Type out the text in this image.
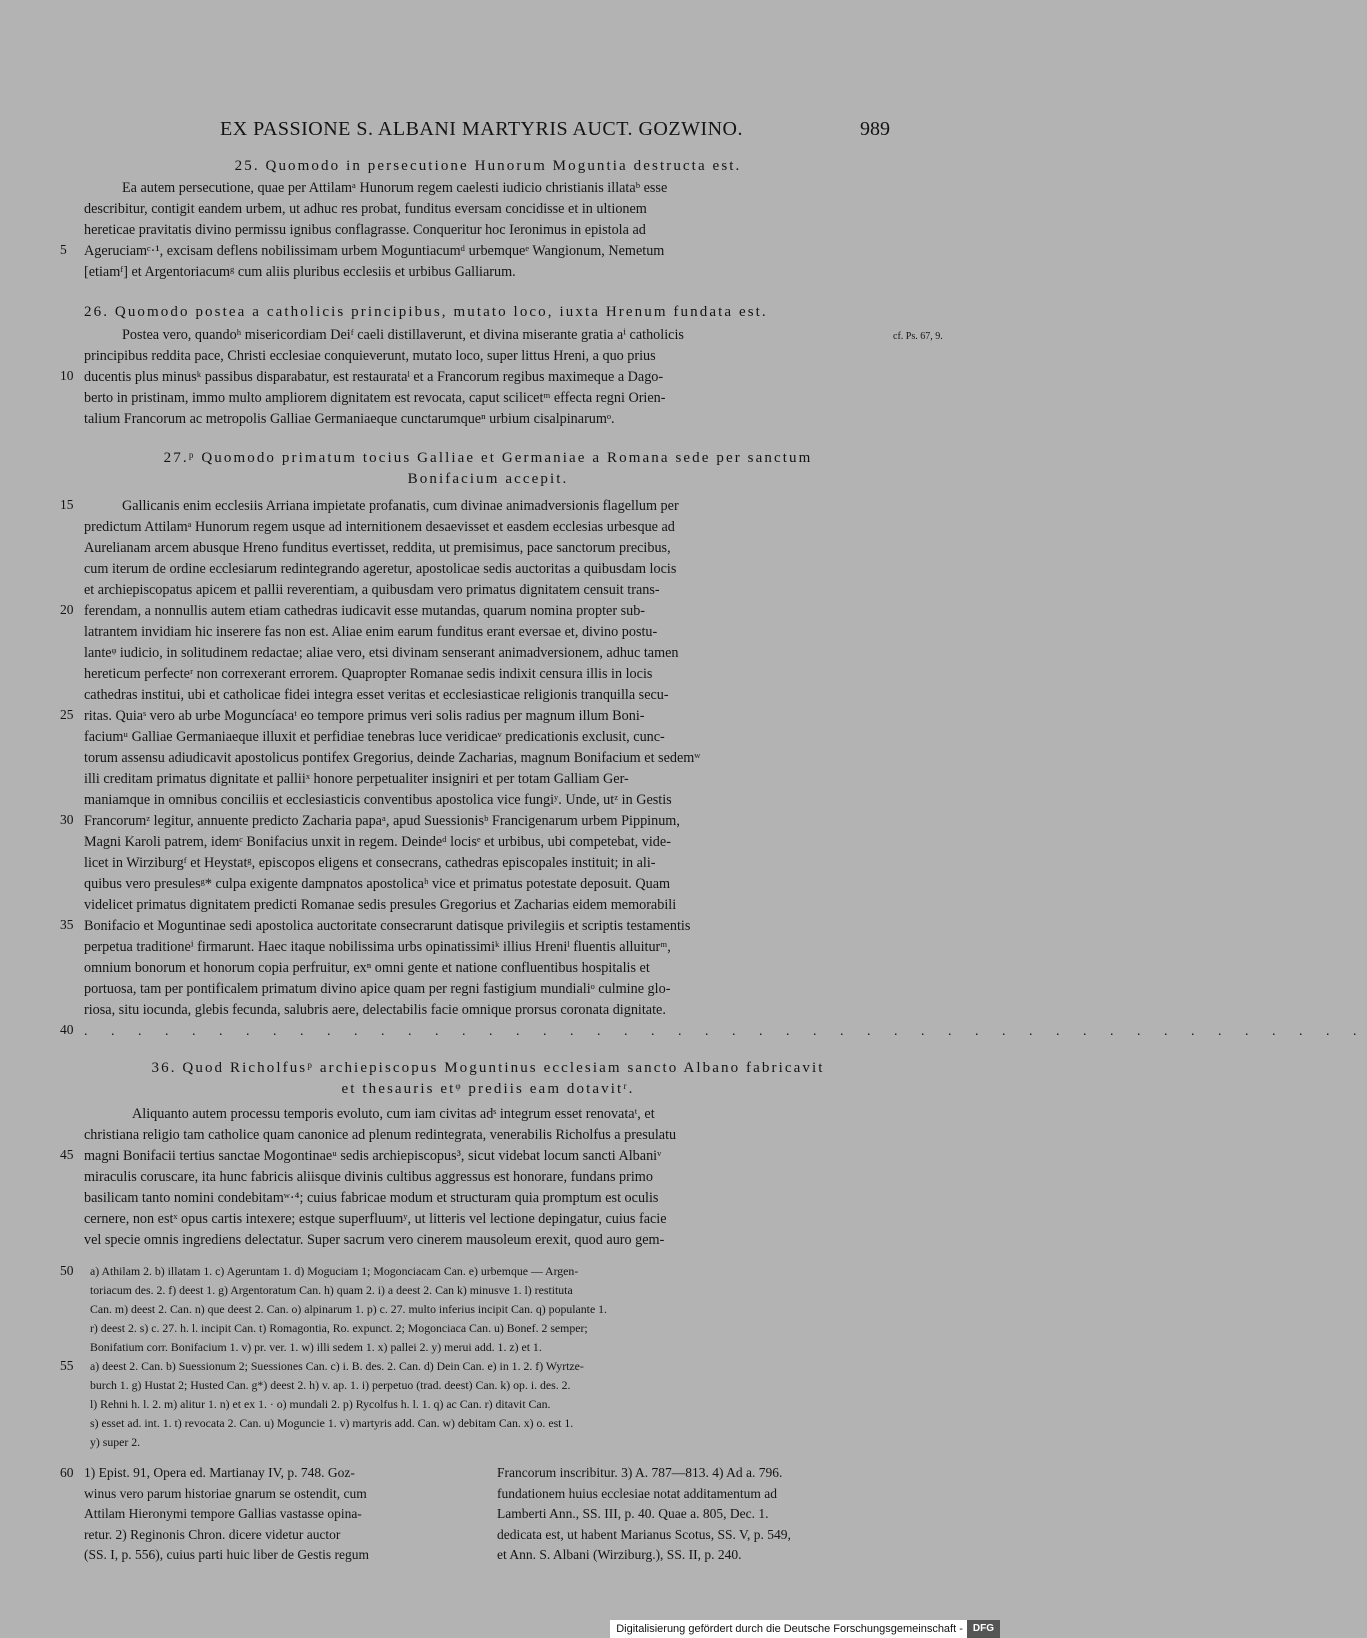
EX PASSIONE S. ALBANI MARTYRIS AUCT. GOZWINO.	989
25. Quomodo in persecutione Hunorum Moguntia destructa est.
Ea autem persecutione, quae per Attilamᵃ Hunorum regem caelesti iudicio christianis illataᵇ esse
describitur, contigit eandem urbem, ut adhuc res probat, funditus eversam concidisse et in ultionem
hereticae pravitatis divino permissu ignibus conflagrasse. Conqueritur hoc Ieronimus in epistola ad
Ageruciamᶜ·¹, excisam deflens nobilissimam urbem Moguntiacumᵈ urbemqueᵉ Wangionum, Nemetum
[etiamᶠ] et Argentoriacumᵍ cum aliis pluribus ecclesiis et urbibus Galliarum.
26. Quomodo postea a catholicis principibus, mutato loco, iuxta Hrenum fundata est.
Postea vero, quandoʰ misericordiam Deiᶠ caeli distillaverunt, et divina miserante gratia aⁱ catholicis
principibus reddita pace, Christi ecclesiae conquieverunt, mutato loco, super littus Hreni, a quo prius
ducentis plus minusᵏ passibus disparabatur, est restaurataˡ et a Francorum regibus maximeque a Dago-
berto in pristinam, immo multo ampliorem dignitatem est revocata, caput scilicetᵐ effecta regni Orien-
talium Francorum ac metropolis Galliae Germaniaeque cunctarumqueⁿ urbium cisalpinarumᵒ.
27.ᵖ Quomodo primatum tocius Galliae et Germaniae a Romana sede per sanctum
Bonifacium accepit.
Gallicanis enim ecclesiis Arriana impietate profanatis, cum divinae animadversionis flagellum per
predictum Attilamᵃ Hunorum regem usque ad internitionem desaevisset et easdem ecclesias urbesque ad
Aurelianam arcem abusque Hreno funditus evertisset, reddita, ut premisimus, pace sanctorum precibus,
cum iterum de ordine ecclesiarum redintegrando ageretur, apostolicae sedis auctoritas a quibusdam locis
et archiepiscopatus apicem et pallii reverentiam, a quibusdam vero primatus dignitatem censuit trans-
ferendam, a nonnullis autem etiam cathedras iudicavit esse mutandas, quarum nomina propter sub-
latrantem invidiam hic inserere fas non est. Aliae enim earum funditus erant eversae et, divino postu-
lanteᵠ iudicio, in solitudinem redactae; aliae vero, etsi divinam senserant animadversionem, adhuc tamen
hereticum perfecteʳ non correxerant errorem. Quapropter Romanae sedis indixit censura illis in locis
cathedras institui, ubi et catholicae fidei integra esset veritas et ecclesiasticae religionis tranquilla secu-
ritas. Quiaˢ vero ab urbe Moguncíacaᵗ eo tempore primus veri solis radius per magnum illum Boni-
faciumᵘ Galliae Germaniaeque illuxit et perfidiae tenebras luce veridicaeᵛ predicationis exclusit, cunc-
torum assensu adiudicavit apostolicus pontifex Gregorius, deinde Zacharias, magnum Bonifacium et sedemʷ
illi creditam primatus dignitate et palliiˣ honore perpetualiter insigniri et per totam Galliam Ger-
maniamque in omnibus conciliis et ecclesiasticis conventibus apostolica vice fungiʸ. Unde, utᶻ in Gestis
Francorumᶻ legitur, annuente predicto Zacharia papaᵃ, apud Suessionisᵇ Francigenarum urbem Pippinum,
Magni Karoli patrem, idemᶜ Bonifacius unxit in regem. Deindeᵈ locisᵉ et urbibus, ubi competebat, vide-
licet in Wirziburgᶠ et Heystatᵍ, episcopos eligens et consecrans, cathedras episcopales instituit; in ali-
quibus vero presulesᵍ* culpa exigente dampnatos apostolicaʰ vice et primatus potestate deposuit. Quam
videlicet primatus dignitatem predicti Romanae sedis presules Gregorius et Zacharias eidem memorabili
Bonifacio et Moguntinae sedi apostolica auctoritate consecrarunt datisque privilegiis et scriptis testamentis
perpetua traditioneⁱ firmarunt. Haec itaque nobilissima urbs opinatissimiᵏ illius Hreniˡ fluentis alluiturᵐ,
omnium bonorum et honorum copia perfruitur, exⁿ omni gente et natione confluentibus hospitalis et
portuosa, tam per pontificalem primatum divino apice quam per regni fastigium mundialiᵒ culmine glo-
riosa, situ iocunda, glebis fecunda, salubris aere, delectabilis facie omnique prorsus coronata dignitate.
. . . . . . . . . . . . . . . . . . . . . . . . . . . . . . . . . . . . . . . . . . . . . . . .
36. Quod Richolfusᵖ archiepiscopus Moguntinus ecclesiam sancto Albano fabricavit
et thesauris etᵠ prediis eam dotavitʳ.
Aliquanto autem processu temporis evoluto, cum iam civitas adˢ integrum esset renovataᵗ, et
christiana religio tam catholice quam canonice ad plenum redintegrata, venerabilis Richolfus a presulatu
magni Bonifacii tertius sanctae Mogontinaeᵘ sedis archiepiscopus³, sicut videbat locum sancti Albaniᵛ
miraculis coruscare, ita hunc fabricis aliisque divinis cultibus aggressus est honorare, fundans primo
basilicam tanto nomini condebitamʷ·⁴; cuius fabricae modum et structuram quia promptum est oculis
cernere, non estˣ opus cartis intexere; estque superfluumʸ, ut litteris vel lectione depingatur, cuius facie
vel specie omnis ingrediens delectatur. Super sacrum vero cinerem mausoleum erexit, quod auro gem-
5
10
15
20
25
30
35
40
45
cf. Ps. 67, 9.
a) Athilam 2. b) illatam 1. c) Ageruntam 1. d) Moguciam 1; Mogonciacam Can. e) urbemque — Argen-
toriacum des. 2. f) deest 1. g) Argentoratum Can. h) quam 2. i) a deest 2. Can k) minusve 1. l) restituta
Can. m) deest 2. Can. n) que deest 2. Can. o) alpinarum 1. p) c. 27. multo inferius incipit Can. q) populante 1.
r) deest 2. s) c. 27. h. l. incipit Can. t) Romagontia, Ro. expunct. 2; Mogonciaca Can. u) Bonef. 2 semper;
Bonifatium corr. Bonifacium 1. v) pr. ver. 1. w) illi sedem 1. x) pallei 2. y) merui add. 1. z) et 1.
a) deest 2. Can. b) Suessionum 2; Suessiones Can. c) i. B. des. 2. Can. d) Dein Can. e) in 1. 2. f) Wyrtze-
burch 1. g) Hustat 2; Husted Can. g*) deest 2. h) v. ap. 1. i) perpetuo (trad. deest) Can. k) op. i. des. 2.
l) Rehni h. l. 2. m) alitur 1. n) et ex 1. · o) mundali 2. p) Rycolfus h. l. 1. q) ac Can. r) ditavit Can.
s) esset ad. int. 1. t) revocata 2. Can. u) Moguncie 1. v) martyris add. Can. w) debitam Can. x) o. est 1.
y) super 2.
50
55
60 1) Epist. 91, Opera ed. Martianay IV, p. 748. Goz-
winus vero parum historiae gnarum se ostendit, cum
Attilam Hieronymi tempore Gallias vastasse opina-
retur. 2) Reginonis Chron. dicere videtur auctor
(SS. I, p. 556), cuius parti huic liber de Gestis regum
Francorum inscribitur. 3) A. 787—813. 4) Ad a. 796.
fundationem huius ecclesiae notat additamentum ad
Lamberti Ann., SS. III, p. 40. Quae a. 805, Dec. 1.
dedicata est, ut habent Marianus Scotus, SS. V, p. 549,
et Ann. S. Albani (Wirziburg.), SS. II, p. 240.
Digitalisierung gefördert durch die Deutsche Forschungsgemeinschaft -	DFG
